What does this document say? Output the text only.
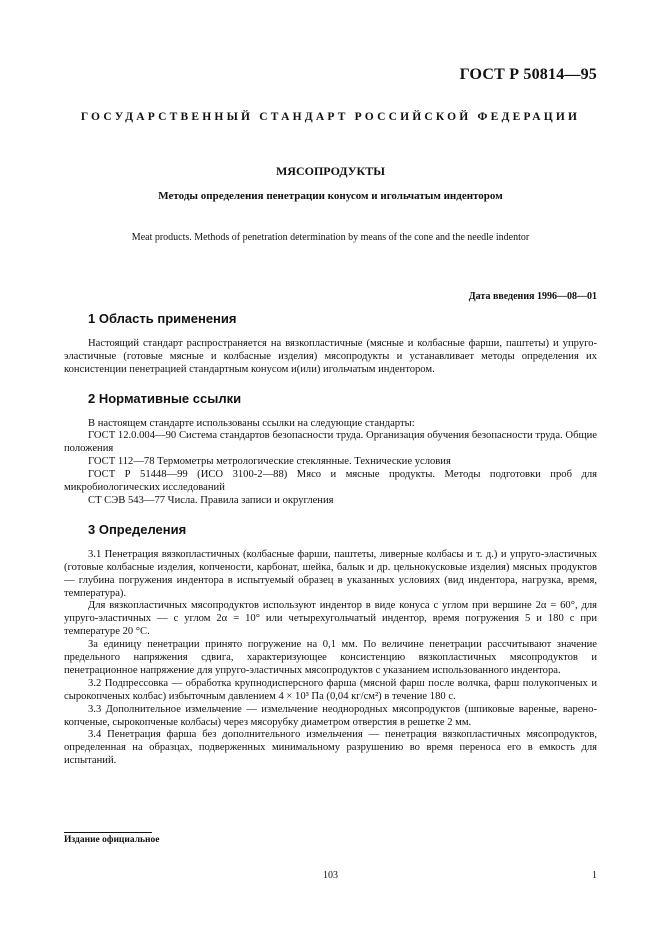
ГОСТ Р 50814—95
ГОСУДАРСТВЕННЫЙ СТАНДАРТ РОССИЙСКОЙ ФЕДЕРАЦИИ
МЯСОПРОДУКТЫ
Методы определения пенетрации конусом и игольчатым индентором
Meat products. Methods of penetration determination by means of the cone and the needle indentor
Дата введения 1996—08—01
1 Область применения

Настоящий стандарт распространяется на вязкопластичные (мясные и колбасные фарши, паштеты) и упруго-эластичные (готовые мясные и колбасные изделия) мясопродукты и устанавливает методы определения их консистенции пенетрацией стандартным конусом и(или) игольчатым индентором.

2 Нормативные ссылки

В настоящем стандарте использованы ссылки на следующие стандарты:

ГОСТ 12.0.004—90 Система стандартов безопасности труда. Организация обучения безопасности труда. Общие положения

ГОСТ 112—78 Термометры метрологические стеклянные. Технические условия

ГОСТ Р 51448—99 (ИСО 3100-2—88) Мясо и мясные продукты. Методы подготовки проб для микробиологических исследований

СТ СЭВ 543—77 Числа. Правила записи и округления

3 Определения

3.1 Пенетрация вязкопластичных (колбасные фарши, паштеты, ливерные колбасы и т. д.) и упруго-эластичных (готовые колбасные изделия, копчености, карбонат, шейка, балык и др. цельнокусковые изделия) мясных продуктов — глубина погружения индентора в испытуемый образец в указанных условиях (вид индентора, нагрузка, время, температура).

Для вязкопластичных мясопродуктов используют индентор в виде конуса с углом при вершине 2α = 60°, для упруго-эластичных — с углом 2α = 10° или четырехугольчатый индентор, время погружения 5 и 180 с при температуре 20 °С.

За единицу пенетрации принято погружение на 0,1 мм. По величине пенетрации рассчитывают значение предельного напряжения сдвига, характеризующее консистенцию вязкопластичных мясопродуктов и пенетрационное напряжение для упруго-эластичных мясопродуктов с указанием использованного индентора.

3.2 Подпрессовка — обработка крупнодисперсного фарша (мясной фарш после волчка, фарш полукопченых и сырокопченых колбас) избыточным давлением 4 × 10³ Па (0,04 кг/см²) в течение 180 с.

3.3 Дополнительное измельчение — измельчение неоднородных мясопродуктов (шпиковые вареные, варено-копченые, сырокопченые колбасы) через мясорубку диаметром отверстия в решетке 2 мм.

3.4 Пенетрация фарша без дополнительного измельчения — пенетрация вязкопластичных мясопродуктов, определенная на образцах, подверженных минимальному разрушению во время переноса его в емкость для испытаний.

Издание официальное
103	1
